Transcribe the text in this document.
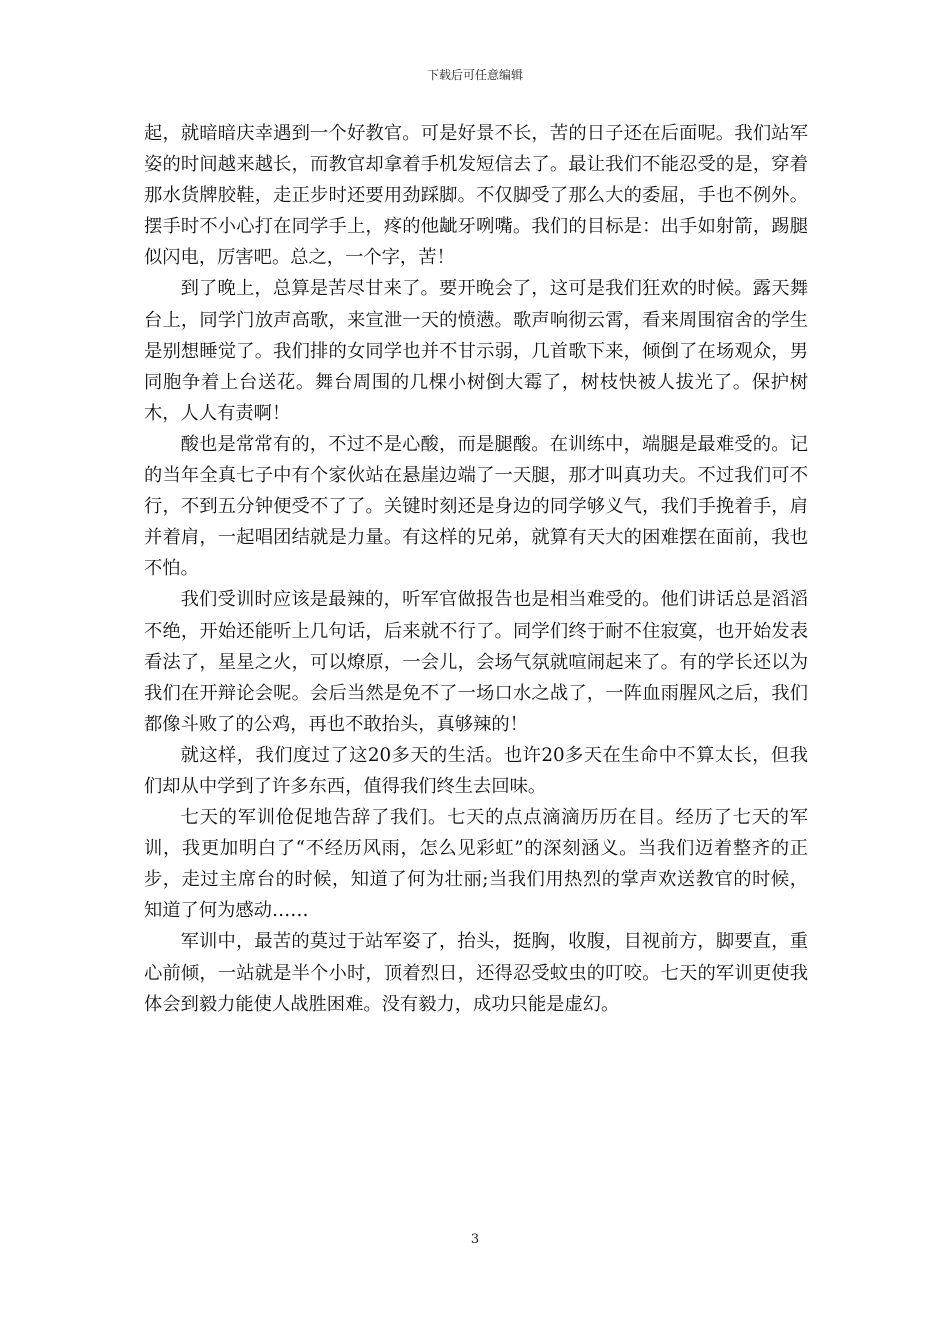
下载后可任意编辑

起，就暗暗庆幸遇到一个好教官。可是好景不长，苦的日子还在后面呢。我们站军姿的时间越来越长，而教官却拿着手机发短信去了。最让我们不能忍受的是，穿着那水货牌胶鞋，走正步时还要用劲踩脚。不仅脚受了那么大的委屈，手也不例外。摆手时不小心打在同学手上，疼的他龇牙咧嘴。我们的目标是：出手如射箭，踢腿似闪电，厉害吧。总之，一个字，苦！

到了晚上，总算是苦尽甘来了。要开晚会了，这可是我们狂欢的时候。露天舞台上，同学门放声高歌，来宣泄一天的愤懑。歌声响彻云霄，看来周围宿舍的学生是别想睡觉了。我们排的女同学也并不甘示弱，几首歌下来，倾倒了在场观众，男同胞争着上台送花。舞台周围的几棵小树倒大霉了，树枝快被人拔光了。保护树木，人人有责啊！

酸也是常常有的，不过不是心酸，而是腿酸。在训练中，端腿是最难受的。记的当年全真七子中有个家伙站在悬崖边端了一天腿，那才叫真功夫。不过我们可不行，不到五分钟便受不了了。关键时刻还是身边的同学够义气，我们手挽着手，肩并着肩，一起唱团结就是力量。有这样的兄弟，就算有天大的困难摆在面前，我也不怕。

我们受训时应该是最辣的，听军官做报告也是相当难受的。他们讲话总是滔滔不绝，开始还能听上几句话，后来就不行了。同学们终于耐不住寂寞，也开始发表看法了，星星之火，可以燎原，一会儿，会场气氛就喧闹起来了。有的学长还以为我们在开辩论会呢。会后当然是免不了一场口水之战了，一阵血雨腥风之后，我们都像斗败了的公鸡，再也不敢抬头，真够辣的！

就这样，我们度过了这20多天的生活。也许20多天在生命中不算太长，但我们却从中学到了许多东西，值得我们终生去回味。

七天的军训伧促地告辞了我们。七天的点点滴滴历历在目。经历了七天的军训，我更加明白了“不经历风雨，怎么见彩虹”的深刻涵义。当我们迈着整齐的正步，走过主席台的时候，知道了何为壮丽;当我们用热烈的掌声欢送教官的时候，知道了何为感动……

军训中，最苦的莫过于站军姿了，抬头，挺胸，收腹，目视前方，脚要直，重心前倾，一站就是半个小时，顶着烈日，还得忍受蚊虫的叮咬。七天的军训更使我体会到毅力能使人战胜困难。没有毅力，成功只能是虚幻。

3
